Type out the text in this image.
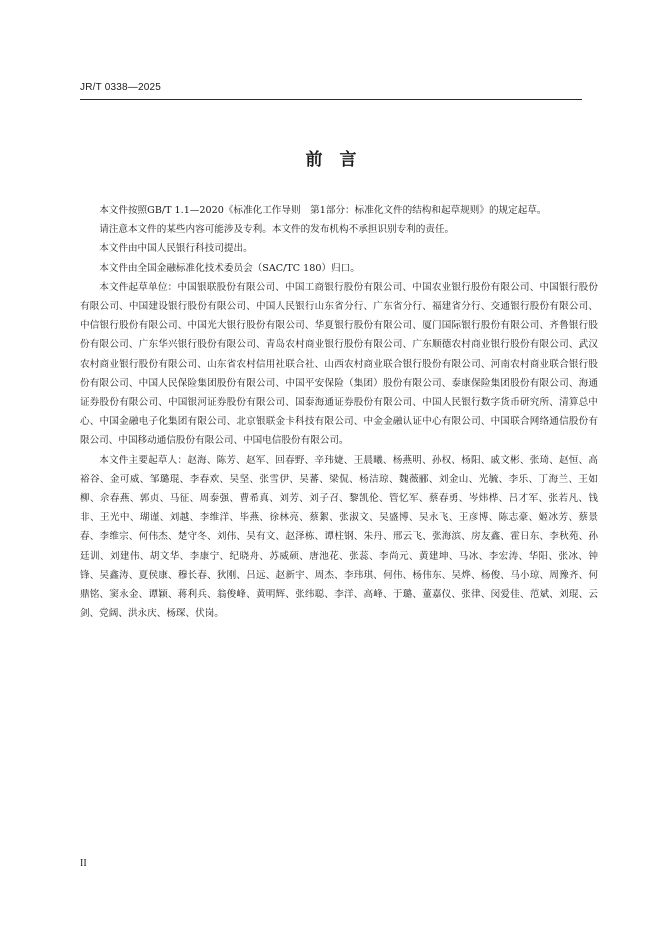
JR/T 0338—2025
前　言

本文件按照GB/T 1.1—2020《标准化工作导则　第1部分：标准化文件的结构和起草规则》的规定起草。

请注意本文件的某些内容可能涉及专利。本文件的发布机构不承担识别专利的责任。

本文件由中国人民银行科技司提出。

本文件由全国金融标准化技术委员会（SAC/TC 180）归口。

本文件起草单位：中国银联股份有限公司、中国工商银行股份有限公司、中国农业银行股份有限公司、中国银行股份有限公司、中国建设银行股份有限公司、中国人民银行山东省分行、广东省分行、福建省分行、交通银行股份有限公司、中信银行股份有限公司、中国光大银行股份有限公司、华夏银行股份有限公司、厦门国际银行股份有限公司、齐鲁银行股份有限公司、广东华兴银行股份有限公司、青岛农村商业银行股份有限公司、广东顺德农村商业银行股份有限公司、武汉农村商业银行股份有限公司、山东省农村信用社联合社、山西农村商业联合银行股份有限公司、河南农村商业联合银行股份有限公司、中国人民保险集团股份有限公司、中国平安保险（集团）股份有限公司、泰康保险集团股份有限公司、海通证券股份有限公司、中国银河证券股份有限公司、国泰海通证券股份有限公司、中国人民银行数字货币研究所、清算总中心、中国金融电子化集团有限公司、北京银联金卡科技有限公司、中金金融认证中心有限公司、中国联合网络通信股份有限公司、中国移动通信股份有限公司、中国电信股份有限公司。

本文件主要起草人：赵海、陈芳、赵军、回春野、辛玮婕、王晨曦、杨燕明、孙权、杨阳、戚文彬、张琦、赵恒、高裕谷、金可威、邹璐琨、李春欢、吴坚、张雪伊、吴蕃、梁侃、杨洁琼、魏薇郦、刘金山、光毓、李乐、丁海兰、王如柳、佘春燕、郭贞、马征、周泰强、曹希真、刘芳、刘子召、黎凯伦、管忆军、蔡春勇、岑炜桦、吕才军、张若凡、钱非、王光中、瑚谨、刘越、李维洋、毕燕、徐林亮、蔡絮、张淑文、吴盛博、吴永飞、王彦博、陈志豪、姬冰芳、蔡景春、李维宗、何伟杰、楚守冬、刘伟、吴有文、赵泽栋、谭柱钢、朱丹、邢云飞、张海滨、房友鑫、霍日东、李秋苑、孙廷训、刘建伟、胡文华、李康宁、纪晓舟、苏威硕、唐池花、张蕊、李尚元、黄建坤、马冰、李宏涛、华阳、张冰、钟锋、吴鑫涛、夏侯康、穆长春、狄刚、吕远、赵新宇、周杰、李玮琪、何伟、杨伟东、吴烨、杨俊、马小琼、周豫齐、何鼎铭、窦永金、谭颖、蒋利兵、翁俊峰、黄明辉、张纬聪、李洋、高峰、于璐、董嘉仪、张律、闵爱佳、范斌、刘琨、云剑、党阔、洪永庆、杨琛、伏岗。

II
